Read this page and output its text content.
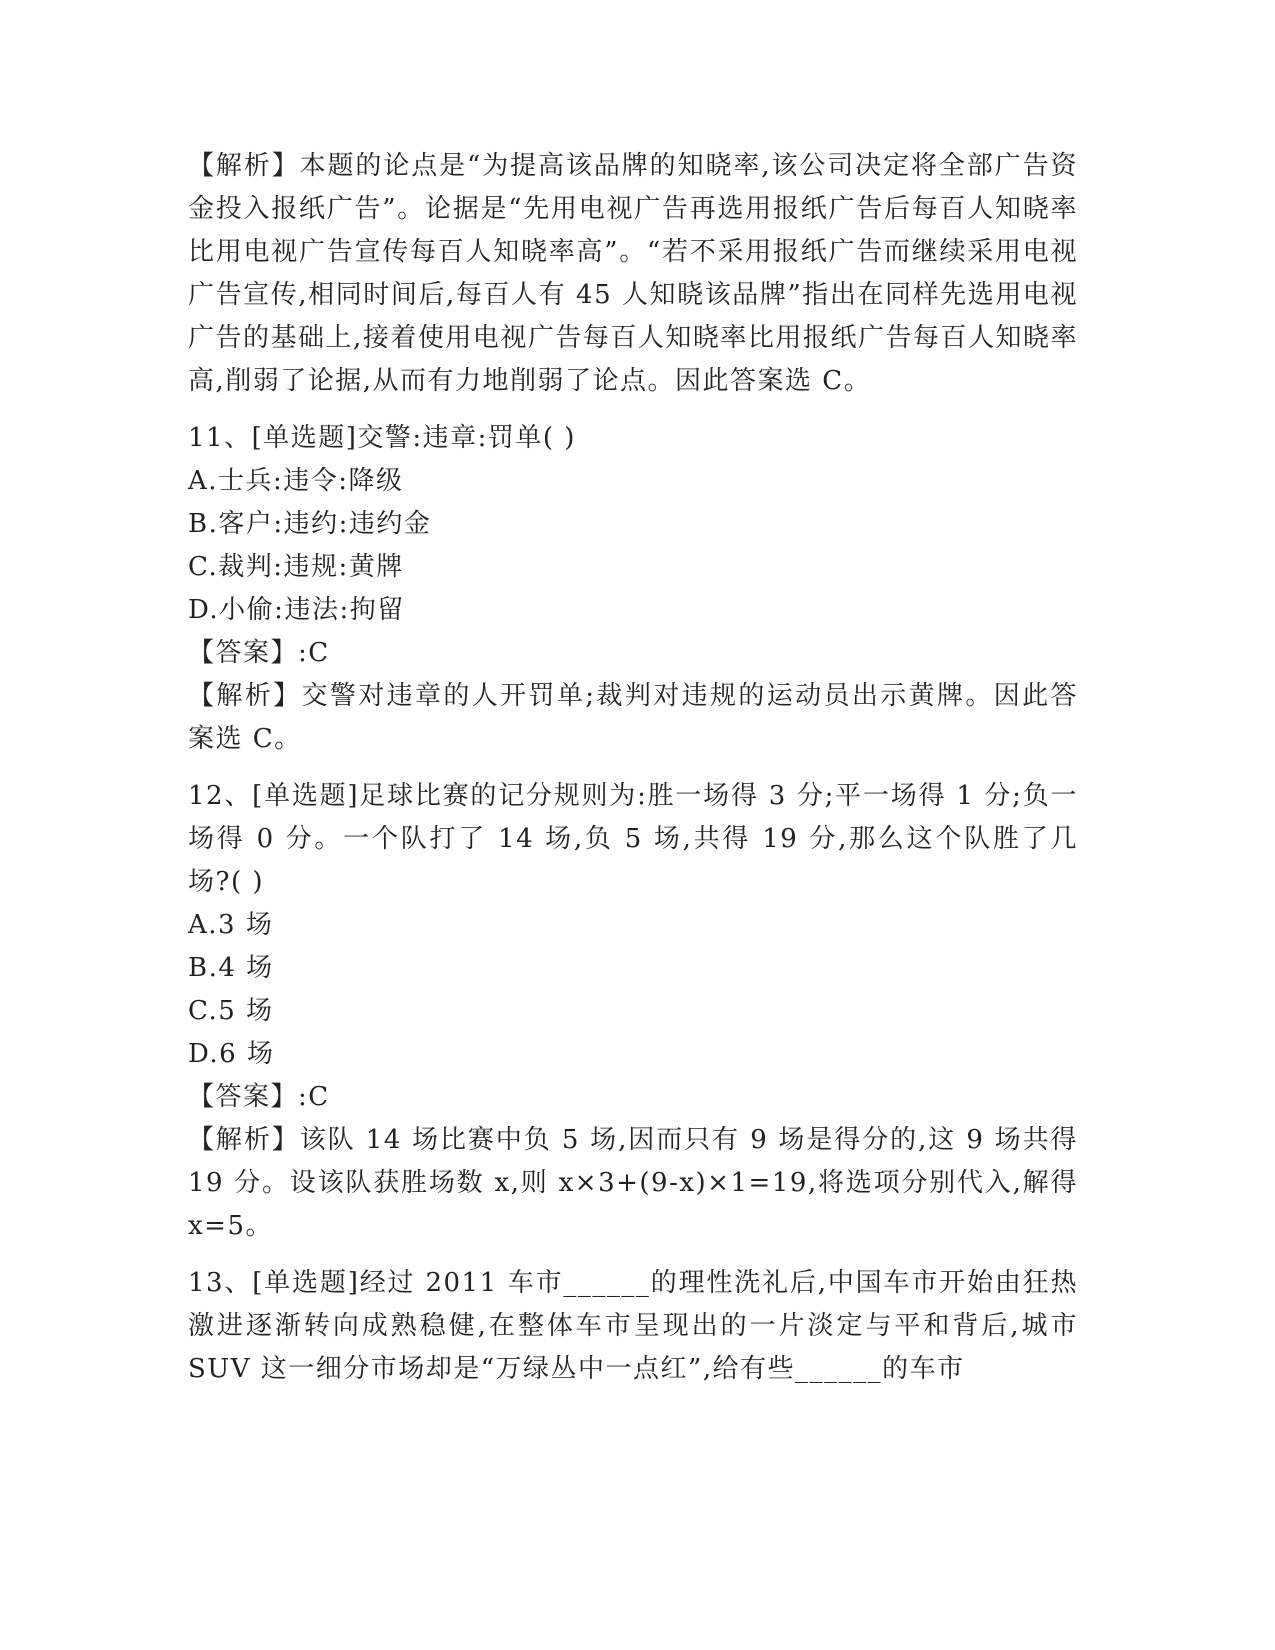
【解析】本题的论点是“为提高该品牌的知晓率,该公司决定将全部广告资金投入报纸广告”。论据是“先用电视广告再选用报纸广告后每百人知晓率比用电视广告宣传每百人知晓率高”。“若不采用报纸广告而继续采用电视广告宣传,相同时间后,每百人有 45 人知晓该品牌”指出在同样先选用电视广告的基础上,接着使用电视广告每百人知晓率比用报纸广告每百人知晓率高,削弱了论据,从而有力地削弱了论点。因此答案选 C。

11、[单选题]交警:违章:罚单( )

A.士兵:违令:降级

B.客户:违约:违约金

C.裁判:违规:黄牌

D.小偷:违法:拘留

【答案】:C

【解析】交警对违章的人开罚单;裁判对违规的运动员出示黄牌。因此答案选 C。

12、[单选题]足球比赛的记分规则为:胜一场得 3 分;平一场得 1 分;负一场得 0 分。一个队打了 14 场,负 5 场,共得 19 分,那么这个队胜了几场?( )

A.3 场

B.4 场

C.5 场

D.6 场

【答案】:C

【解析】该队 14 场比赛中负 5 场,因而只有 9 场是得分的,这 9 场共得 19 分。设该队获胜场数 x,则 x×3+(9-x)×1=19,将选项分别代入,解得 x=5。

13、[单选题]经过 2011 车市______的理性洗礼后,中国车市开始由狂热激进逐渐转向成熟稳健,在整体车市呈现出的一片淡定与平和背后,城市 SUV 这一细分市场却是“万绿丛中一点红”,给有些______的车市
